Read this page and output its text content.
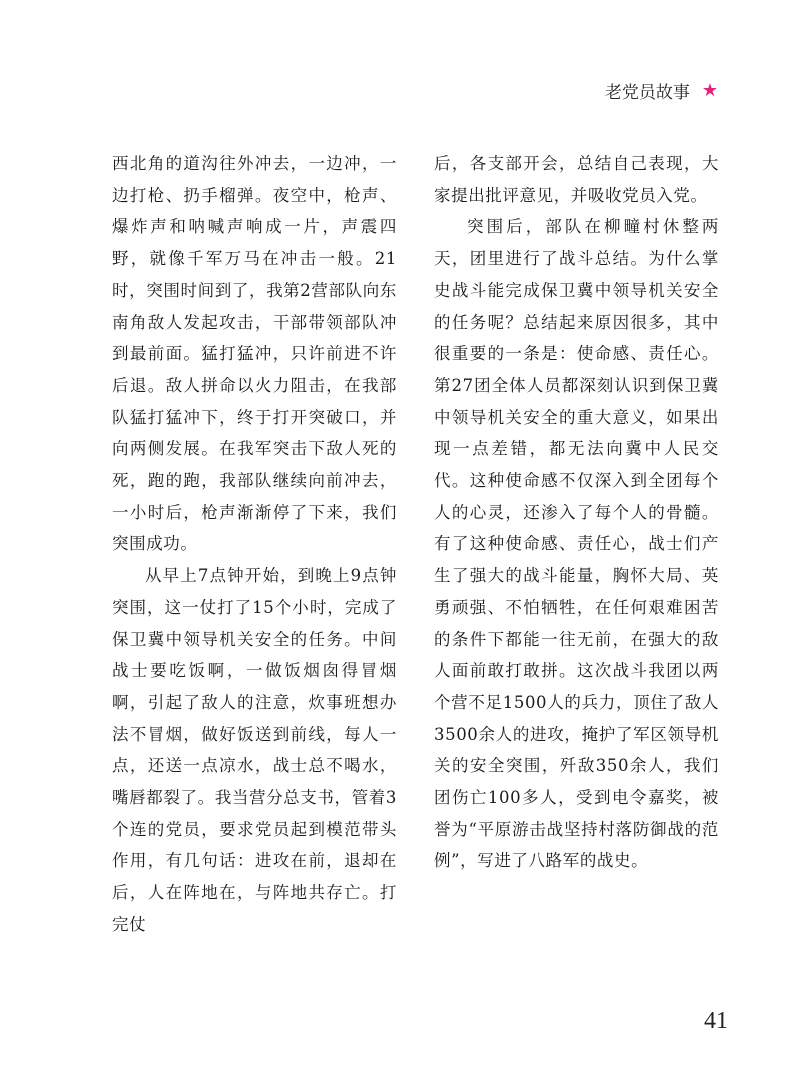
老党员故事 ★

西北角的道沟往外冲去，一边冲，一边打枪、扔手榴弹。夜空中，枪声、爆炸声和呐喊声响成一片，声震四野，就像千军万马在冲击一般。21时，突围时间到了，我第2营部队向东南角敌人发起攻击，干部带领部队冲到最前面。猛打猛冲，只许前进不许后退。敌人拼命以火力阻击，在我部队猛打猛冲下，终于打开突破口，并向两侧发展。在我军突击下敌人死的死，跑的跑，我部队继续向前冲去，一小时后，枪声渐渐停了下来，我们突围成功。

从早上7点钟开始，到晚上9点钟突围，这一仗打了15个小时，完成了保卫冀中领导机关安全的任务。中间战士要吃饭啊，一做饭烟囱得冒烟啊，引起了敌人的注意，炊事班想办法不冒烟，做好饭送到前线，每人一点，还送一点凉水，战士总不喝水，嘴唇都裂了。我当营分总支书，管着3个连的党员，要求党员起到模范带头作用，有几句话：进攻在前，退却在后，人在阵地在，与阵地共存亡。打完仗

后，各支部开会，总结自己表现，大家提出批评意见，并吸收党员入党。

突围后，部队在柳疃村休整两天，团里进行了战斗总结。为什么掌史战斗能完成保卫冀中领导机关安全的任务呢？总结起来原因很多，其中很重要的一条是：使命感、责任心。第27团全体人员都深刻认识到保卫冀中领导机关安全的重大意义，如果出现一点差错，都无法向冀中人民交代。这种使命感不仅深入到全团每个人的心灵，还渗入了每个人的骨髓。有了这种使命感、责任心，战士们产生了强大的战斗能量，胸怀大局、英勇顽强、不怕牺牲，在任何艰难困苦的条件下都能一往无前，在强大的敌人面前敢打敢拼。这次战斗我团以两个营不足1500人的兵力，顶住了敌人3500余人的进攻，掩护了军区领导机关的安全突围，歼敌350余人，我们团伤亡100多人，受到电令嘉奖，被誉为“平原游击战坚持村落防御战的范例”，写进了八路军的战史。

41
